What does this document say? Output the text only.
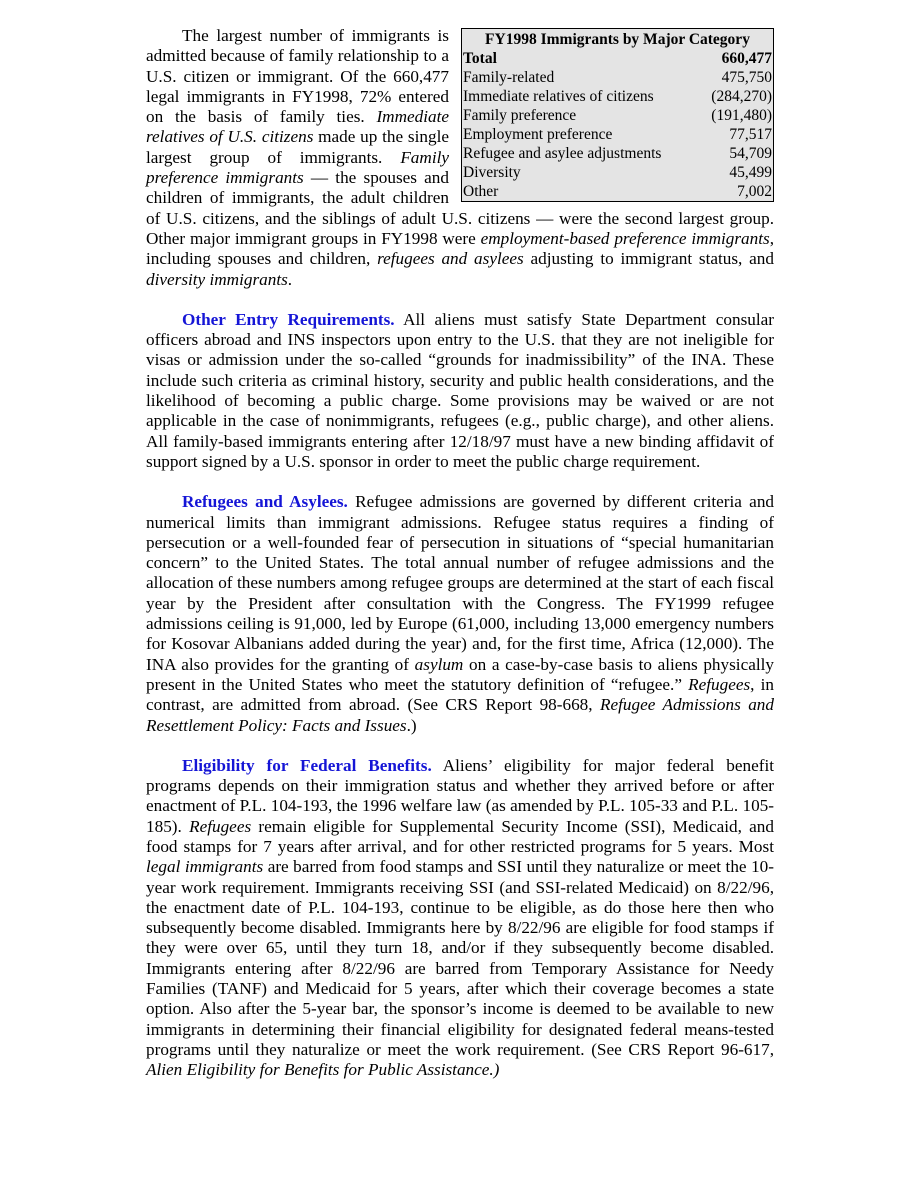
FY1998 Immigrants by Major Category
Total	660,477
Family-related	475,750
Immediate relatives of citizens	(284,270)
Family preference	(191,480)
Employment preference	77,517
Refugee and asylee adjustments	54,709
Diversity	45,499
Other	7,002

The largest number of immigrants is admitted because of family relationship to a U.S. citizen or immigrant. Of the 660,477 legal immigrants in FY1998, 72% entered on the basis of family ties. Immediate relatives of U.S. citizens made up the single largest group of immigrants. Family preference immigrants — the spouses and children of immigrants, the adult children of U.S. citizens, and the siblings of adult U.S. citizens — were the second largest group. Other major immigrant groups in FY1998 were employment-based preference immigrants, including spouses and children, refugees and asylees adjusting to immigrant status, and diversity immigrants.

Other Entry Requirements. All aliens must satisfy State Department consular officers abroad and INS inspectors upon entry to the U.S. that they are not ineligible for visas or admission under the so-called “grounds for inadmissibility” of the INA. These include such criteria as criminal history, security and public health considerations, and the likelihood of becoming a public charge. Some provisions may be waived or are not applicable in the case of nonimmigrants, refugees (e.g., public charge), and other aliens. All family-based immigrants entering after 12/18/97 must have a new binding affidavit of support signed by a U.S. sponsor in order to meet the public charge requirement.

Refugees and Asylees. Refugee admissions are governed by different criteria and numerical limits than immigrant admissions. Refugee status requires a finding of persecution or a well-founded fear of persecution in situations of “special humanitarian concern” to the United States. The total annual number of refugee admissions and the allocation of these numbers among refugee groups are determined at the start of each fiscal year by the President after consultation with the Congress. The FY1999 refugee admissions ceiling is 91,000, led by Europe (61,000, including 13,000 emergency numbers for Kosovar Albanians added during the year) and, for the first time, Africa (12,000). The INA also provides for the granting of asylum on a case-by-case basis to aliens physically present in the United States who meet the statutory definition of “refugee.” Refugees, in contrast, are admitted from abroad. (See CRS Report 98-668, Refugee Admissions and Resettlement Policy: Facts and Issues.)

Eligibility for Federal Benefits. Aliens’ eligibility for major federal benefit programs depends on their immigration status and whether they arrived before or after enactment of P.L. 104-193, the 1996 welfare law (as amended by P.L. 105-33 and P.L. 105-185). Refugees remain eligible for Supplemental Security Income (SSI), Medicaid, and food stamps for 7 years after arrival, and for other restricted programs for 5 years. Most legal immigrants are barred from food stamps and SSI until they naturalize or meet the 10-year work requirement. Immigrants receiving SSI (and SSI-related Medicaid) on 8/22/96, the enactment date of P.L. 104-193, continue to be eligible, as do those here then who subsequently become disabled. Immigrants here by 8/22/96 are eligible for food stamps if they were over 65, until they turn 18, and/or if they subsequently become disabled. Immigrants entering after 8/22/96 are barred from Temporary Assistance for Needy Families (TANF) and Medicaid for 5 years, after which their coverage becomes a state option. Also after the 5-year bar, the sponsor’s income is deemed to be available to new immigrants in determining their financial eligibility for designated federal means-tested programs until they naturalize or meet the work requirement. (See CRS Report 96-617, Alien Eligibility for Benefits for Public Assistance.)
